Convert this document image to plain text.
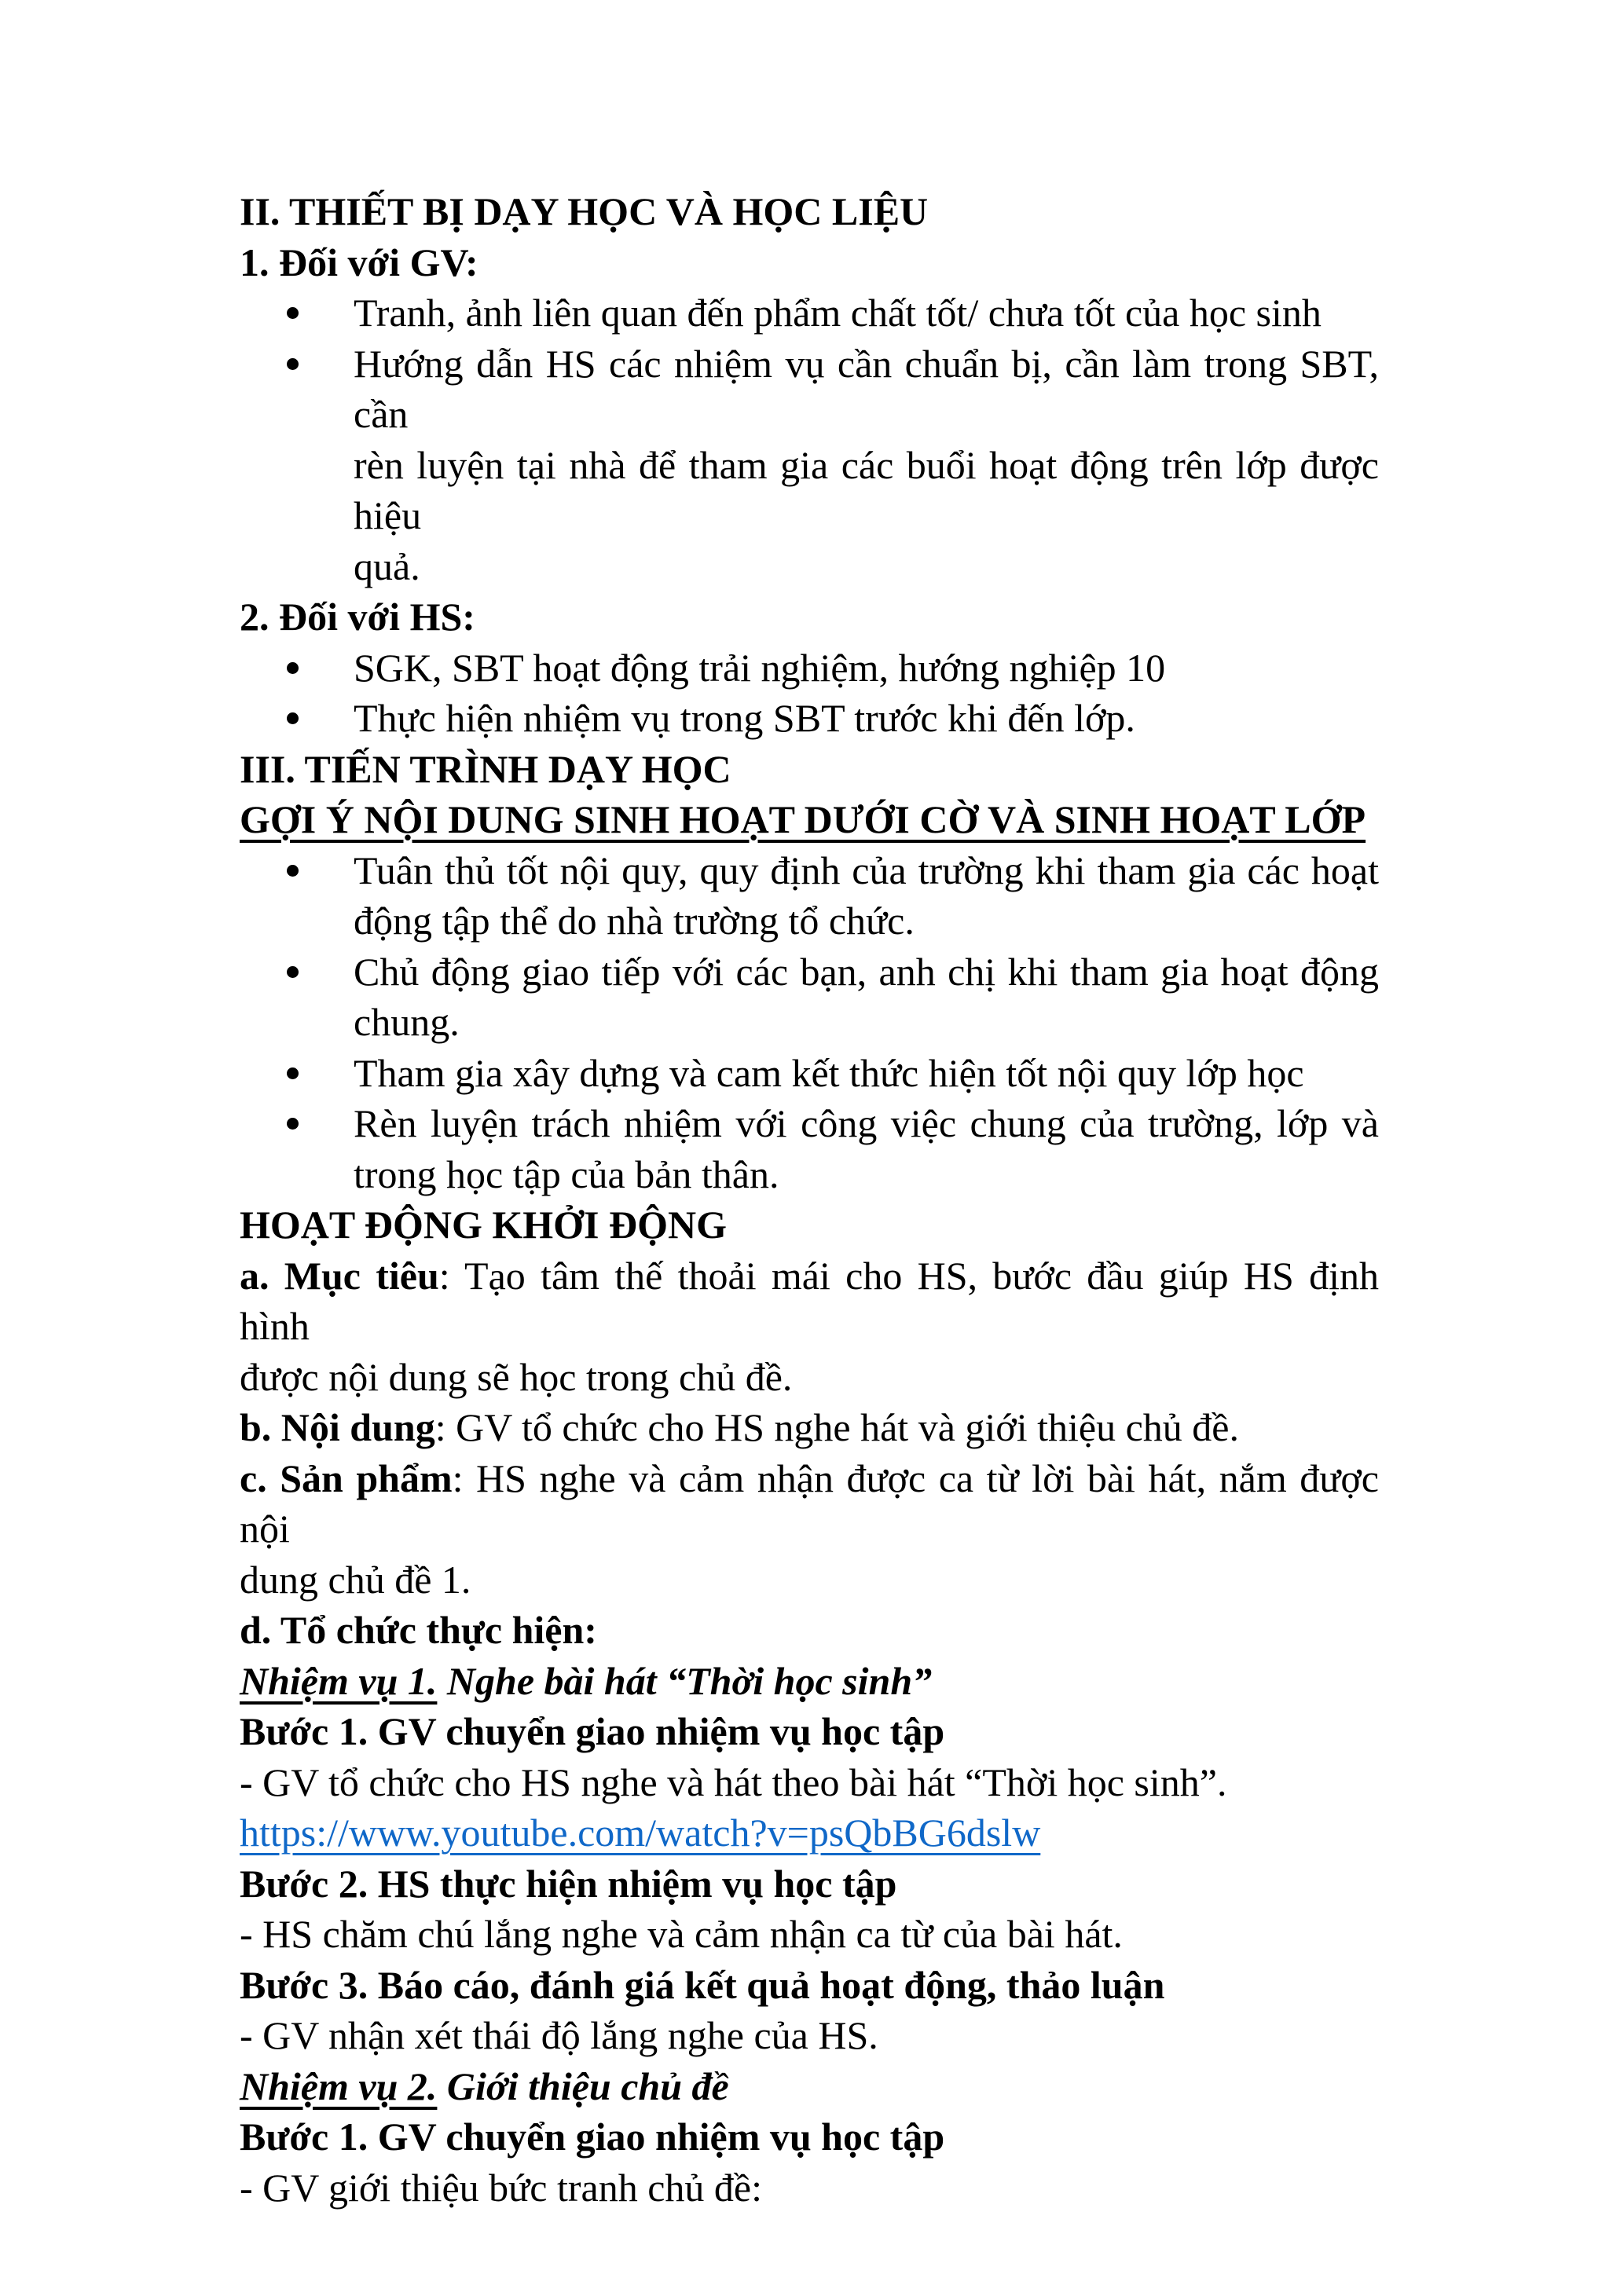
II. THIẾT BỊ DẠY HỌC VÀ HỌC LIỆU

1. Đối với GV:

Tranh, ảnh liên quan đến phẩm chất tốt/ chưa tốt của học sinh

Hướng dẫn HS các nhiệm vụ cần chuẩn bị, cần làm trong SBT, cần

rèn luyện tại nhà để tham gia các buổi hoạt động trên lớp được hiệu

quả.

2. Đối với HS:

SGK, SBT hoạt động trải nghiệm, hướng nghiệp 10

Thực hiện nhiệm vụ trong SBT trước khi đến lớp.

III. TIẾN TRÌNH DẠY HỌC

GỢI Ý NỘI DUNG SINH HOẠT DƯỚI CỜ VÀ SINH HOẠT LỚP

Tuân thủ tốt nội quy, quy định của trường khi tham gia các hoạt

động tập thể do nhà trường tổ chức.

Chủ động giao tiếp với các bạn, anh chị khi tham gia hoạt động

chung.

Tham gia xây dựng và cam kết thức hiện tốt nội quy lớp học

Rèn luyện trách nhiệm với công việc chung của trường, lớp và

trong học tập của bản thân.

HOẠT ĐỘNG KHỞI ĐỘNG

a. Mục tiêu: Tạo tâm thế thoải mái cho HS, bước đầu giúp HS định hình

được nội dung sẽ học trong chủ đề.

b. Nội dung: GV tổ chức cho HS nghe hát và giới thiệu chủ đề.

c. Sản phẩm: HS nghe và cảm nhận được ca từ lời bài hát, nắm được nội

dung chủ đề 1.

d. Tổ chức thực hiện:

Nhiệm vụ 1. Nghe bài hát “Thời học sinh”

Bước 1. GV chuyển giao nhiệm vụ học tập

- GV tổ chức cho HS nghe và hát theo bài hát “Thời học sinh”.

https://www.youtube.com/watch?v=psQbBG6dslw

Bước 2. HS thực hiện nhiệm vụ học tập

- HS chăm chú lắng nghe và cảm nhận ca từ của bài hát.

Bước 3. Báo cáo, đánh giá kết quả hoạt động, thảo luận

- GV nhận xét thái độ lắng nghe của HS.

Nhiệm vụ 2. Giới thiệu chủ đề

Bước 1. GV chuyển giao nhiệm vụ học tập

- GV giới thiệu bức tranh chủ đề:
